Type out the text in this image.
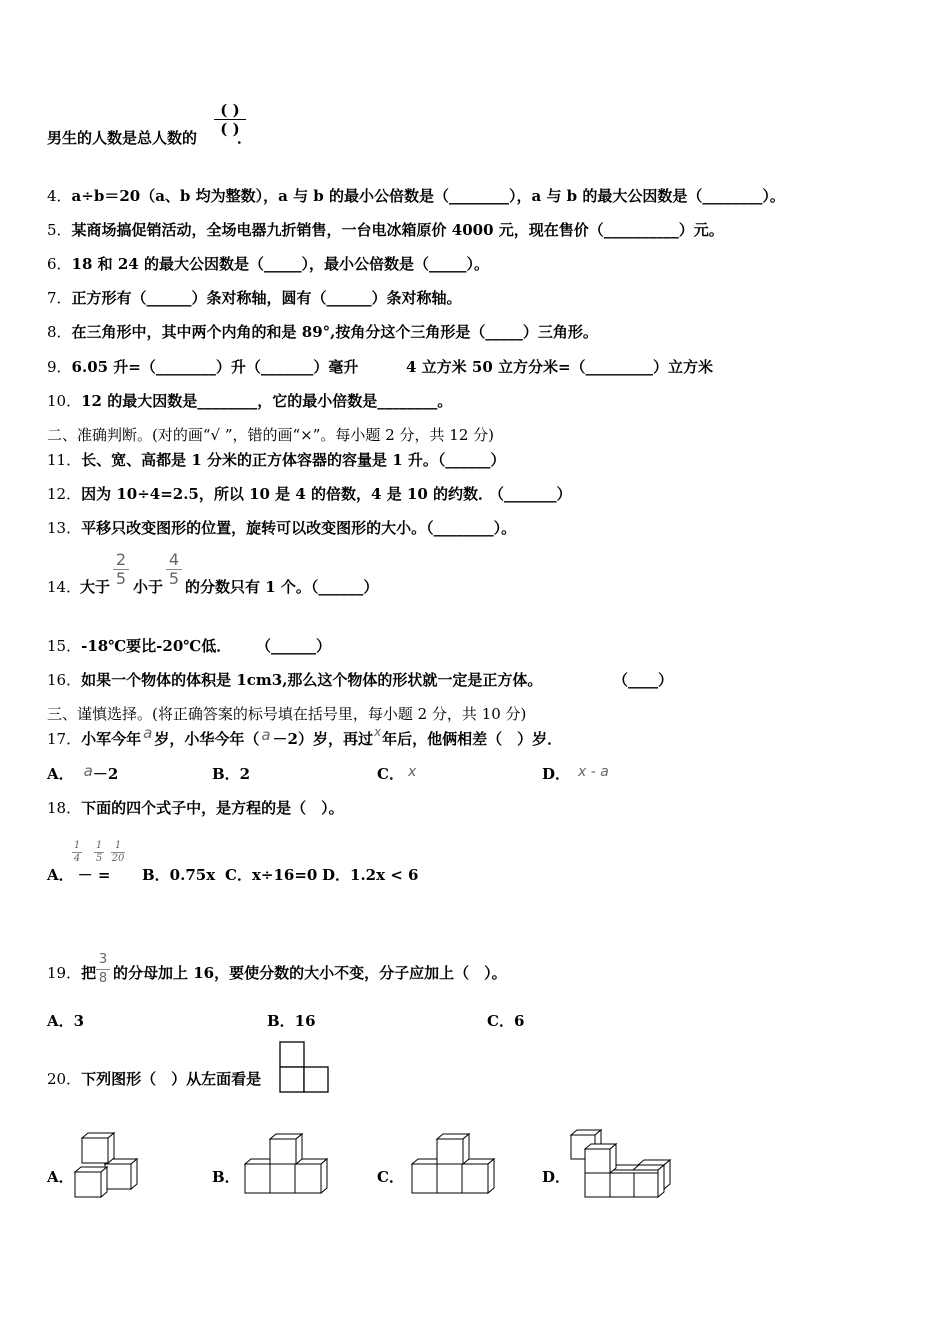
( )
( )
男生的人数是总人数的	．
4．a÷b＝20（a、b 均为整数），a 与 b 的最小公倍数是（________），a 与 b 的最大公因数是（________）。
5．某商场搞促销活动，全场电器九折销售，一台电冰箱原价 4000 元，现在售价（__________）元。
6．18 和 24 的最大公因数是（_____），最小公倍数是（_____）。
7．正方形有（______）条对称轴，圆有（______）条对称轴。
8．在三角形中，其中两个内角的和是 89°,按角分这个三角形是（_____）三角形。
9．6.05 升=（________）升（_______）毫升	4 立方米 50 立方分米=（_________）立方米
10．12 的最大因数是________，它的最小倍数是________。
二、准确判断。(对的画“√ ”，错的画“×”。每小题 2 分，共 12 分)
11．长、宽、高都是 1 分米的正方体容器的容量是 1 升。（______）
12．因为 10÷4=2.5，所以 10 是 4 的倍数，4 是 10 的约数．
（_______）
13．平移只改变图形的位置，旋转可以改变图形的大小。（________）。
14．
大于
2
5 小于
4
5 的分数只有 1 个。（______）
15．-18℃要比-20℃低． （______）
16．如果一个物体的体积是 1cm3,那么这个物体的形状就一定是正方体。	（____）
三、谨慎选择。(将正确答案的标号填在括号里，每小题 2 分，共 10 分)
17．小军今年 a 岁，小华今年（ a －2）岁，再过$^x$年后，他俩相差（　）岁．
A． a－2	B．2	C． x	D． x - a
18．下面的四个式子中，是方程的是（　）。
1
4
1
5
1
20
A． － = B．0.75x C．x÷16=0 D．1.2x < 6
19．把
3
8 的分母加上 16，要使分数的大小不变，分子应加上（　）。
A．3	B．16	C．6
20．下列图形（　）从左面看是
A．	B．	C．	D．
